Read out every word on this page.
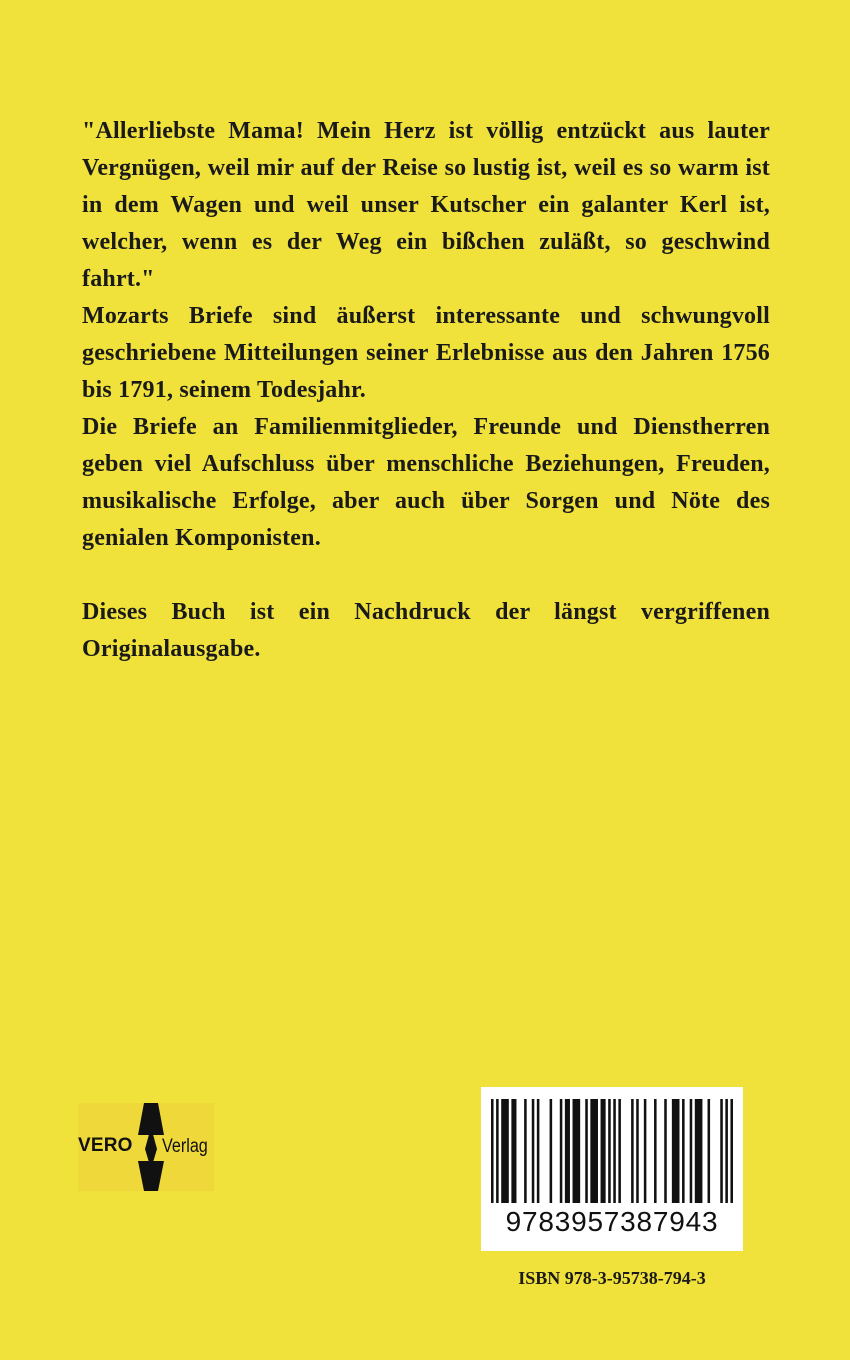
"Allerliebste Mama! Mein Herz ist völlig entzückt aus lauter Vergnügen, weil mir auf der Reise so lustig ist, weil es so warm ist in dem Wagen und weil unser Kutscher ein galanter Kerl ist, welcher, wenn es der Weg ein bißchen zuläßt, so geschwind fahrt."

Mozarts Briefe sind äußerst interessante und schwungvoll geschriebene Mitteilungen seiner Erlebnisse aus den Jahren 1756 bis 1791, seinem Todesjahr.

Die Briefe an Familienmitglieder, Freunde und Dienstherren geben viel Aufschluss über menschliche Beziehungen, Freuden, musikalische Erfolge, aber auch über Sorgen und Nöte des genialen Komponisten.

Dieses Buch ist ein Nachdruck der längst vergriffenen Originalausgabe.

VERO Verlag
9783957387943
ISBN 978-3-95738-794-3
